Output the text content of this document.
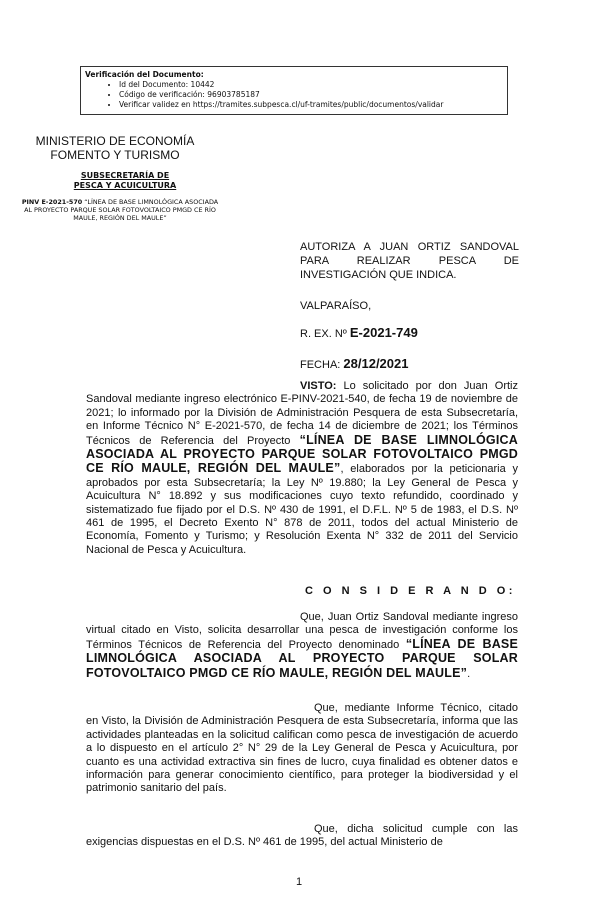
Verificación del Documento:
• Id del Documento: 10442
• Código de verificación: 96903785187
• Verificar validez en https://tramites.subpesca.cl/uf-tramites/public/documentos/validar
MINISTERIO DE ECONOMÍA
FOMENTO Y TURISMO
SUBSECRETARÍA DE PESCA Y ACUICULTURA
PINV E-2021-570 “LÍNEA DE BASE LIMNOLÓGICA ASOCIADA AL PROYECTO PARQUE SOLAR FOTOVOLTAICO PMGD CE RÍO MAULE, REGIÓN DEL MAULE”
AUTORIZA A JUAN ORTIZ SANDOVAL
PARA REALIZAR PESCA DE
INVESTIGACIÓN QUE INDICA.
VALPARAÍSO,
R. EX. Nº E-2021-749
FECHA: 28/12/2021
VISTO: Lo solicitado por don Juan Ortiz Sandoval mediante ingreso electrónico E-PINV-2021-540, de fecha 19 de noviembre de 2021; lo informado por la División de Administración Pesquera de esta Subsecretaría, en Informe Técnico N° E-2021-570, de fecha 14 de diciembre de 2021; los Términos Técnicos de Referencia del Proyecto “LÍNEA DE BASE LIMNOLÓGICA ASOCIADA AL PROYECTO PARQUE SOLAR FOTOVOLTAICO PMGD CE RÍO MAULE, REGIÓN DEL MAULE”, elaborados por la peticionaria y aprobados por esta Subsecretaría; la Ley Nº 19.880; la Ley General de Pesca y Acuicultura N° 18.892 y sus modificaciones cuyo texto refundido, coordinado y sistematizado fue fijado por el D.S. Nº 430 de 1991, el D.F.L. Nº 5 de 1983, el D.S. Nº 461 de 1995, el Decreto Exento N° 878 de 2011, todos del actual Ministerio de Economía, Fomento y Turismo; y Resolución Exenta N° 332 de 2011 del Servicio Nacional de Pesca y Acuicultura.
C O N S I D E R A N D O:
Que, Juan Ortiz Sandoval mediante ingreso virtual citado en Visto, solicita desarrollar una pesca de investigación conforme los Términos Técnicos de Referencia del Proyecto denominado “LÍNEA DE BASE LIMNOLÓGICA ASOCIADA AL PROYECTO PARQUE SOLAR FOTOVOLTAICO PMGD CE RÍO MAULE, REGIÓN DEL MAULE”.
Que, mediante Informe Técnico, citado en Visto, la División de Administración Pesquera de esta Subsecretaría, informa que las actividades planteadas en la solicitud califican como pesca de investigación de acuerdo a lo dispuesto en el artículo 2° N° 29 de la Ley General de Pesca y Acuicultura, por cuanto es una actividad extractiva sin fines de lucro, cuya finalidad es obtener datos e información para generar conocimiento científico, para proteger la biodiversidad y el patrimonio sanitario del país.
Que, dicha solicitud cumple con las exigencias dispuestas en el D.S. Nº 461 de 1995, del actual Ministerio de
1
